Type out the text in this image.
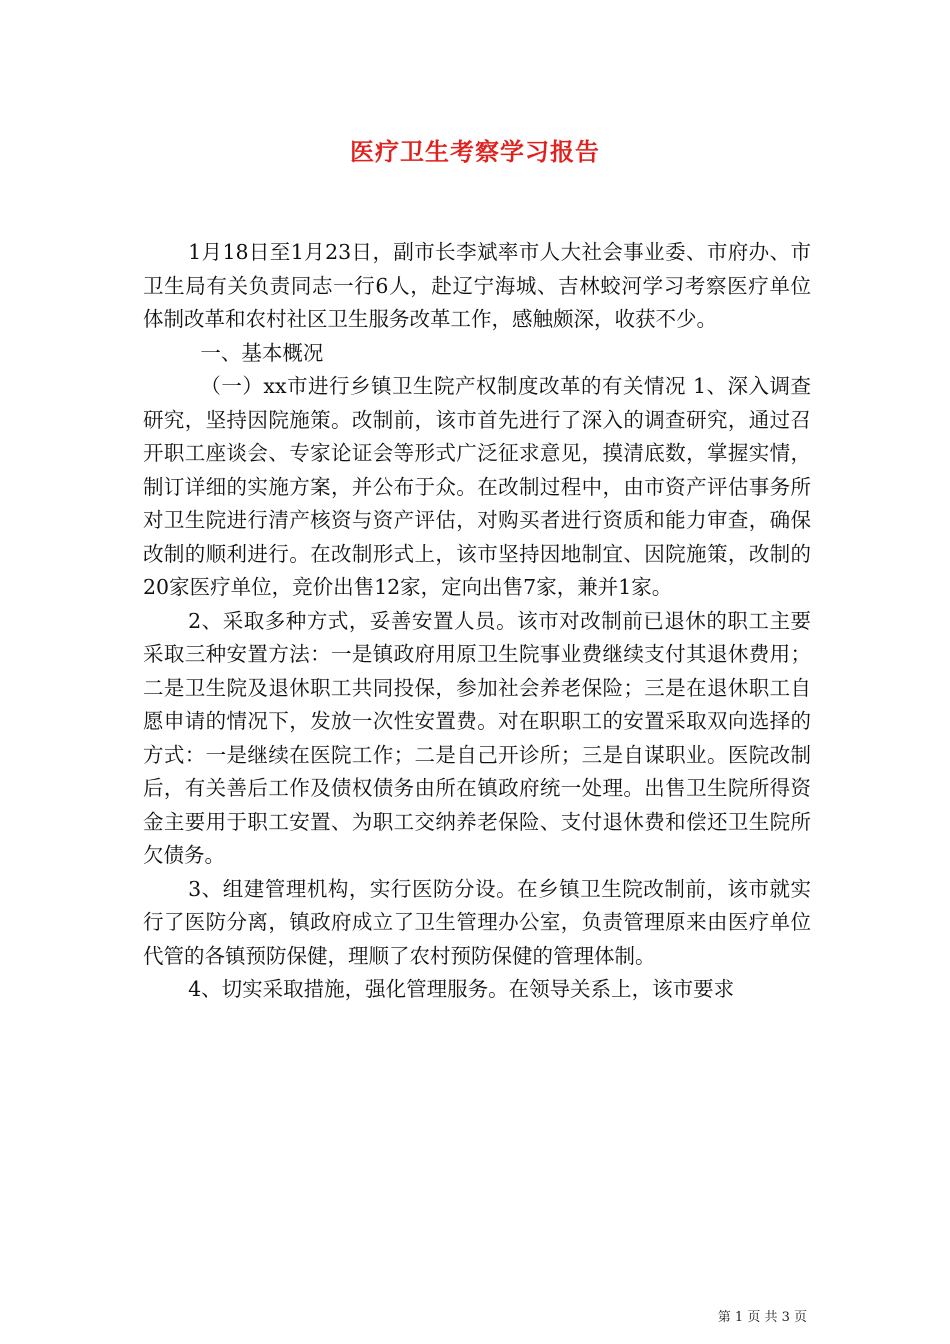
医疗卫生考察学习报告

1月18日至1月23日，副市长李斌率市人大社会事业委、市府办、市卫生局有关负责同志一行6人，赴辽宁海城、吉林蛟河学习考察医疗单位体制改革和农村社区卫生服务改革工作，感触颇深，收获不少。

一、基本概况

（一）xx市进行乡镇卫生院产权制度改革的有关情况 1、深入调查研究，坚持因院施策。改制前，该市首先进行了深入的调查研究，通过召开职工座谈会、专家论证会等形式广泛征求意见，摸清底数，掌握实情，制订详细的实施方案，并公布于众。在改制过程中，由市资产评估事务所对卫生院进行清产核资与资产评估，对购买者进行资质和能力审查，确保改制的顺利进行。在改制形式上，该市坚持因地制宜、因院施策，改制的20家医疗单位，竞价出售12家，定向出售7家，兼并1家。

2、采取多种方式，妥善安置人员。该市对改制前已退休的职工主要采取三种安置方法：一是镇政府用原卫生院事业费继续支付其退休费用；二是卫生院及退休职工共同投保，参加社会养老保险；三是在退休职工自愿申请的情况下，发放一次性安置费。对在职职工的安置采取双向选择的方式：一是继续在医院工作；二是自己开诊所；三是自谋职业。医院改制后，有关善后工作及债权债务由所在镇政府统一处理。出售卫生院所得资金主要用于职工安置、为职工交纳养老保险、支付退休费和偿还卫生院所欠债务。

3、组建管理机构，实行医防分设。在乡镇卫生院改制前，该市就实行了医防分离，镇政府成立了卫生管理办公室，负责管理原来由医疗单位代管的各镇预防保健，理顺了农村预防保健的管理体制。

4、切实采取措施，强化管理服务。在领导关系上，该市要求

第 1 页 共 3 页
